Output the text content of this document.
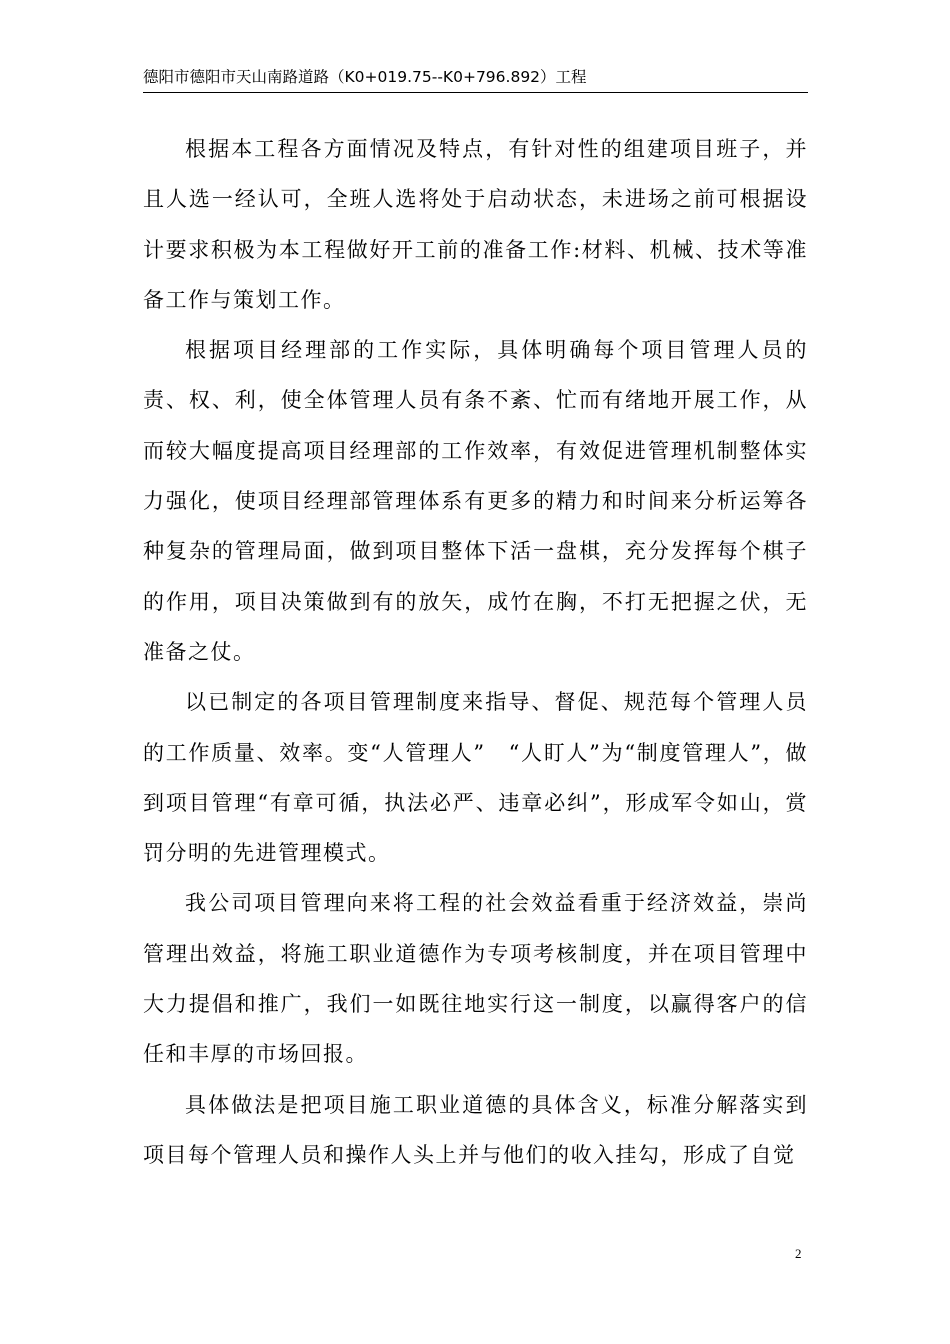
德阳市德阳市天山南路道路（K0+019.75--K0+796.892）工程

根据本工程各方面情况及特点，有针对性的组建项目班子，并且人选一经认可，全班人选将处于启动状态，未进场之前可根据设计要求积极为本工程做好开工前的准备工作:材料、机械、技术等准备工作与策划工作。

根据项目经理部的工作实际，具体明确每个项目管理人员的责、权、利，使全体管理人员有条不紊、忙而有绪地开展工作，从而较大幅度提高项目经理部的工作效率，有效促进管理机制整体实力强化，使项目经理部管理体系有更多的精力和时间来分析运筹各种复杂的管理局面，做到项目整体下活一盘棋，充分发挥每个棋子的作用，项目决策做到有的放矢，成竹在胸，不打无把握之伏，无准备之仗。

以已制定的各项目管理制度来指导、督促、规范每个管理人员的工作质量、效率。变“人管理人”　“人盯人”为“制度管理人”，做到项目管理“有章可循，执法必严、违章必纠”，形成军令如山，赏罚分明的先进管理模式。

我公司项目管理向来将工程的社会效益看重于经济效益，崇尚管理出效益，将施工职业道德作为专项考核制度，并在项目管理中大力提倡和推广，我们一如既往地实行这一制度，以赢得客户的信任和丰厚的市场回报。

具体做法是把项目施工职业道德的具体含义，标准分解落实到项目每个管理人员和操作人头上并与他们的收入挂勾，形成了自觉

2
